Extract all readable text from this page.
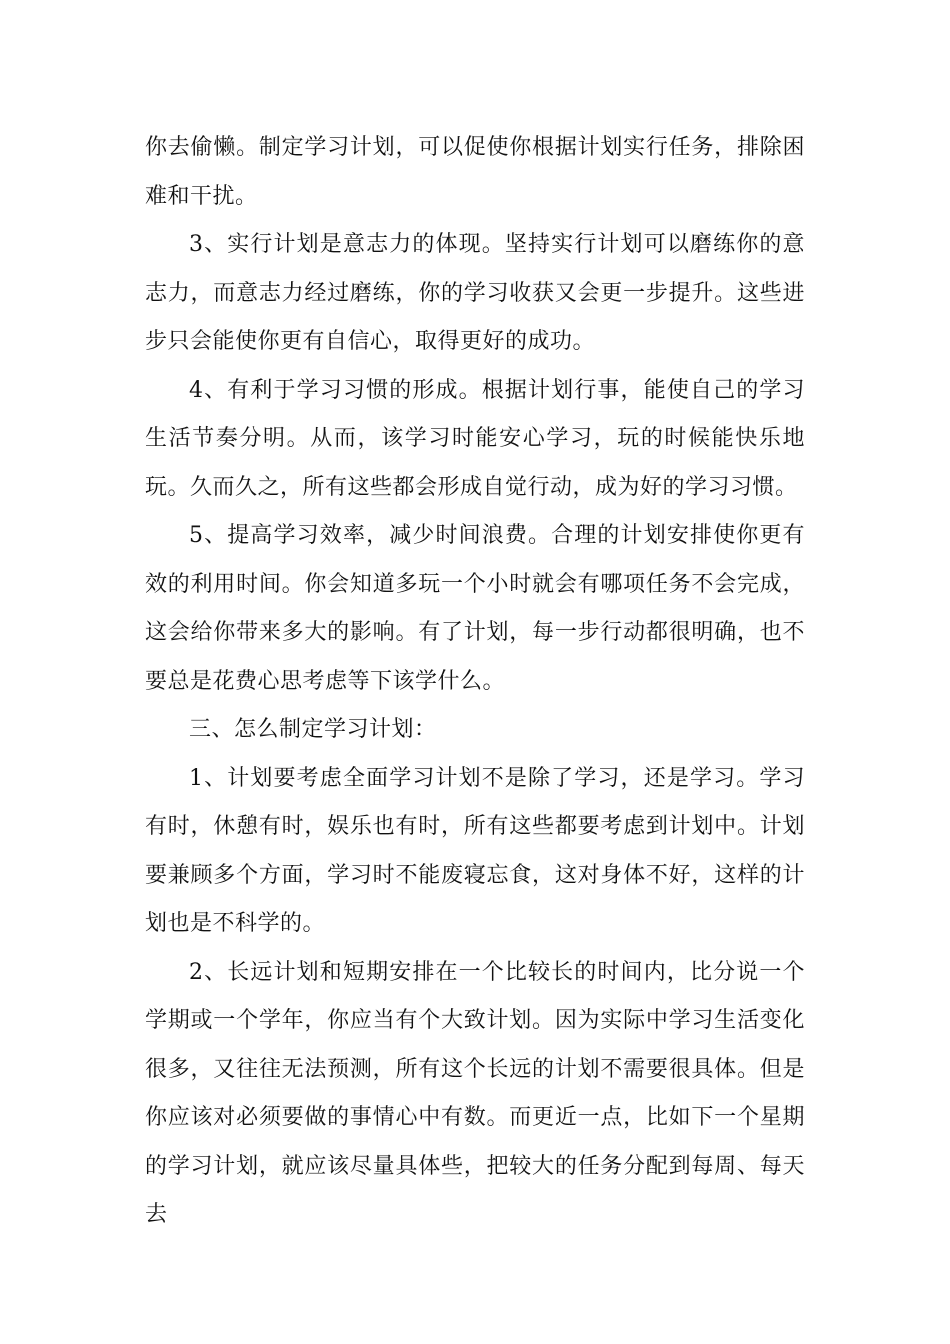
你去偷懒。制定学习计划，可以促使你根据计划实行任务，排除困难和干扰。

3、实行计划是意志力的体现。坚持实行计划可以磨练你的意志力，而意志力经过磨练，你的学习收获又会更一步提升。这些进步只会能使你更有自信心，取得更好的成功。

4、有利于学习习惯的形成。根据计划行事，能使自己的学习生活节奏分明。从而，该学习时能安心学习，玩的时候能快乐地玩。久而久之，所有这些都会形成自觉行动，成为好的学习习惯。

5、提高学习效率，减少时间浪费。合理的计划安排使你更有效的利用时间。你会知道多玩一个小时就会有哪项任务不会完成，这会给你带来多大的影响。有了计划，每一步行动都很明确，也不要总是花费心思考虑等下该学什么。

三、怎么制定学习计划：

1、计划要考虑全面学习计划不是除了学习，还是学习。学习有时，休憩有时，娱乐也有时，所有这些都要考虑到计划中。计划要兼顾多个方面，学习时不能废寝忘食，这对身体不好，这样的计划也是不科学的。

2、长远计划和短期安排在一个比较长的时间内，比分说一个学期或一个学年，你应当有个大致计划。因为实际中学习生活变化很多，又往往无法预测，所有这个长远的计划不需要很具体。但是你应该对必须要做的事情心中有数。而更近一点，比如下一个星期的学习计划，就应该尽量具体些，把较大的任务分配到每周、每天去
